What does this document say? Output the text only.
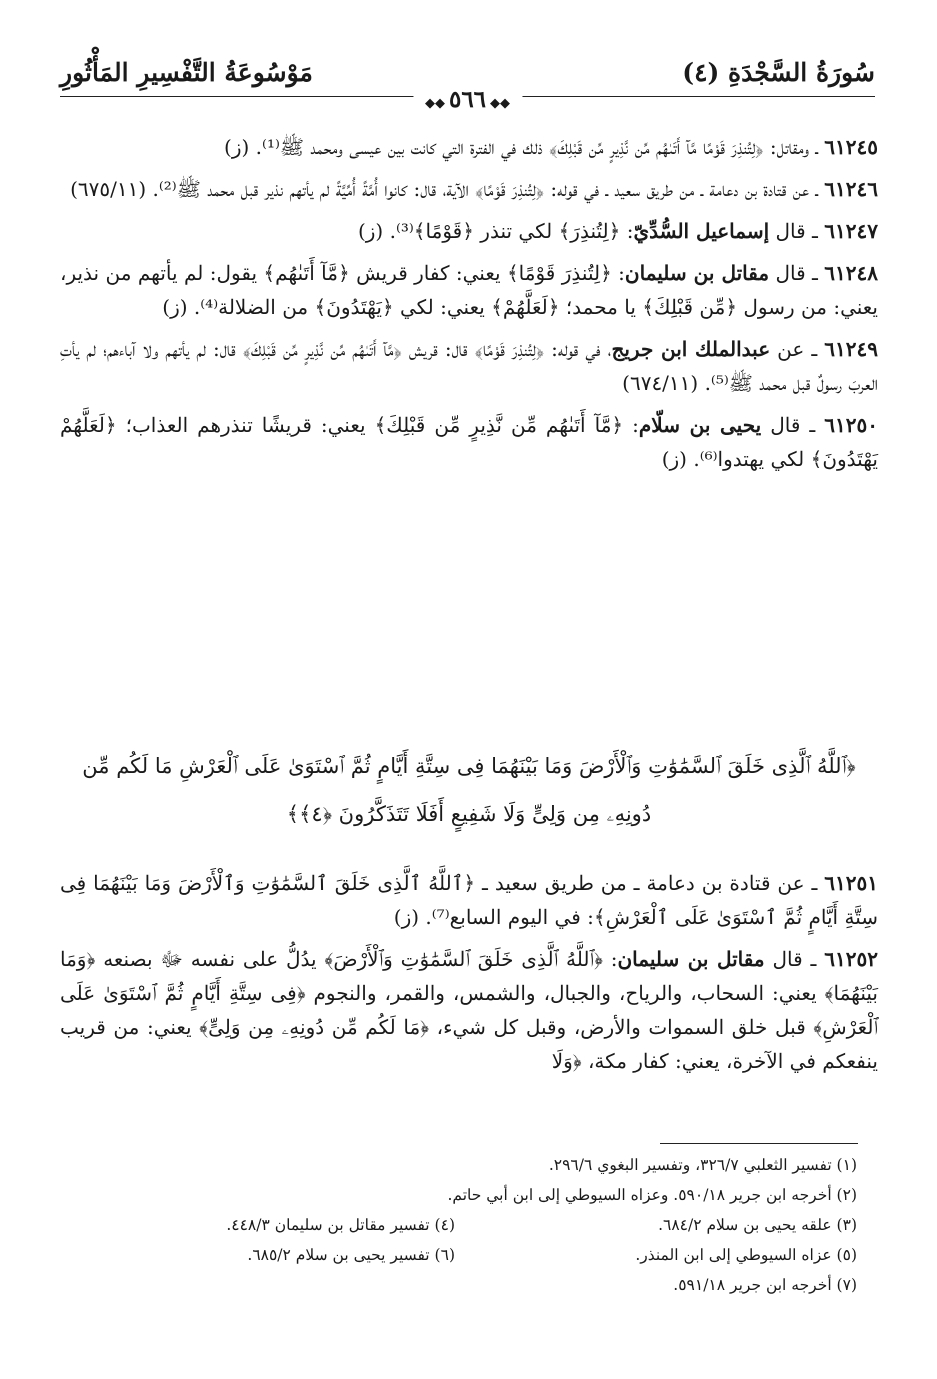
سُورَةُ السَّجْدَةِ (٤)
مَوْسُوعَةُ التَّفْسِيرِ المَأْثُورِ
◆◆٥٦٦◆◆

٦١٢٤٥ ـ ومقاتل: ﴿لِتُنذِرَ قَوْمًا مَّآ أَتَىٰهُم مِّن نَّذِيرٍ مِّن قَبْلِكَ﴾ ذلك في الفترة التي كانت بين عيسى ومحمد ﷺ⁽¹⁾. (ز)

٦١٢٤٦ ـ عن قتادة بن دعامة ـ من طريق سعيد ـ في قوله: ﴿لِتُنذِرَ قَوْمًا﴾ الآية، قال: كانوا أُمَّةً أُمِّيَّةً لم يأتهم نذير قبل محمد ﷺ⁽²⁾. (٦٧٥/١١)

٦١٢٤٧ ـ قال إسماعيل السُّدِّيّ: ﴿لِتُنذِرَ﴾ لكي تنذر ﴿قَوْمًا﴾⁽³⁾. (ز)

٦١٢٤٨ ـ قال مقاتل بن سليمان: ﴿لِتُنذِرَ قَوْمًا﴾ يعني: كفار قريش ﴿مَّآ أَتَىٰهُم﴾ يقول: لم يأتهم من نذير، يعني: من رسول ﴿مِّن قَبْلِكَ﴾ يا محمد؛ ﴿لَعَلَّهُمْ﴾ يعني: لكي ﴿يَهْتَدُونَ﴾ من الضلالة⁽⁴⁾. (ز)

٦١٢٤٩ ـ عن عبدالملك ابن جريج، في قوله: ﴿لِتُنذِرَ قَوْمًا﴾ قال: قريش ﴿مَّآ أَتَىٰهُم مِّن نَّذِيرٍ مِّن قَبْلِكَ﴾ قال: لم يأتهم ولا آباءهم؛ لم يأتِ العربَ رسولٌ قبل محمد ﷺ⁽⁵⁾. (٦٧٤/١١)

٦١٢٥٠ ـ قال يحيى بن سلّام: ﴿مَّآ أَتَىٰهُم مِّن نَّذِيرٍ مِّن قَبْلِكَ﴾ يعني: قريشًا تنذرهم العذاب؛ ﴿لَعَلَّهُمْ يَهْتَدُونَ﴾ لكي يهتدوا⁽⁶⁾. (ز)

﴿ٱللَّهُ ٱلَّذِى خَلَقَ ٱلسَّمَٰوَٰتِ وَٱلْأَرْضَ وَمَا بَيْنَهُمَا فِى سِتَّةِ أَيَّامٍ ثُمَّ ٱسْتَوَىٰ عَلَى ٱلْعَرْشِ مَا لَكُم مِّن دُونِهِۦ مِن وَلِىٍّ وَلَا شَفِيعٍ أَفَلَا تَتَذَكَّرُونَ ﴿٤﴾﴾

٦١٢٥١ ـ عن قتادة بن دعامة ـ من طريق سعيد ـ ﴿ٱللَّهُ ٱلَّذِى خَلَقَ ٱلسَّمَٰوَٰتِ وَٱلْأَرْضَ وَمَا بَيْنَهُمَا فِى سِتَّةِ أَيَّامٍ ثُمَّ ٱسْتَوَىٰ عَلَى ٱلْعَرْشِ﴾: في اليوم السابع⁽⁷⁾. (ز)

٦١٢٥٢ ـ قال مقاتل بن سليمان: ﴿ٱللَّهُ ٱلَّذِى خَلَقَ ٱلسَّمَٰوَٰتِ وَٱلْأَرْضَ﴾ يدُلُّ على نفسه ﷻ بصنعه ﴿وَمَا بَيْنَهُمَا﴾ يعني: السحاب، والرياح، والجبال، والشمس، والقمر، والنجوم ﴿فِى سِتَّةِ أَيَّامٍ ثُمَّ ٱسْتَوَىٰ عَلَى ٱلْعَرْشِ﴾ قبل خلق السموات والأرض، وقبل كل شيء، ﴿مَا لَكُم مِّن دُونِهِۦ مِن وَلِىٍّ﴾ يعني: من قريب ينفعكم في الآخرة، يعني: كفار مكة، ﴿وَلَا

(١) تفسير الثعلبي ٣٢٦/٧، وتفسير البغوي ٢٩٦/٦.
(٢) أخرجه ابن جرير ٥٩٠/١٨. وعزاه السيوطي إلى ابن أبي حاتم.
(٣) علقه يحيى بن سلام ٦٨٤/٢.
(٤) تفسير مقاتل بن سليمان ٤٤٨/٣.
(٥) عزاه السيوطي إلى ابن المنذر.
(٦) تفسير يحيى بن سلام ٦٨٥/٢.
(٧) أخرجه ابن جرير ٥٩١/١٨.
